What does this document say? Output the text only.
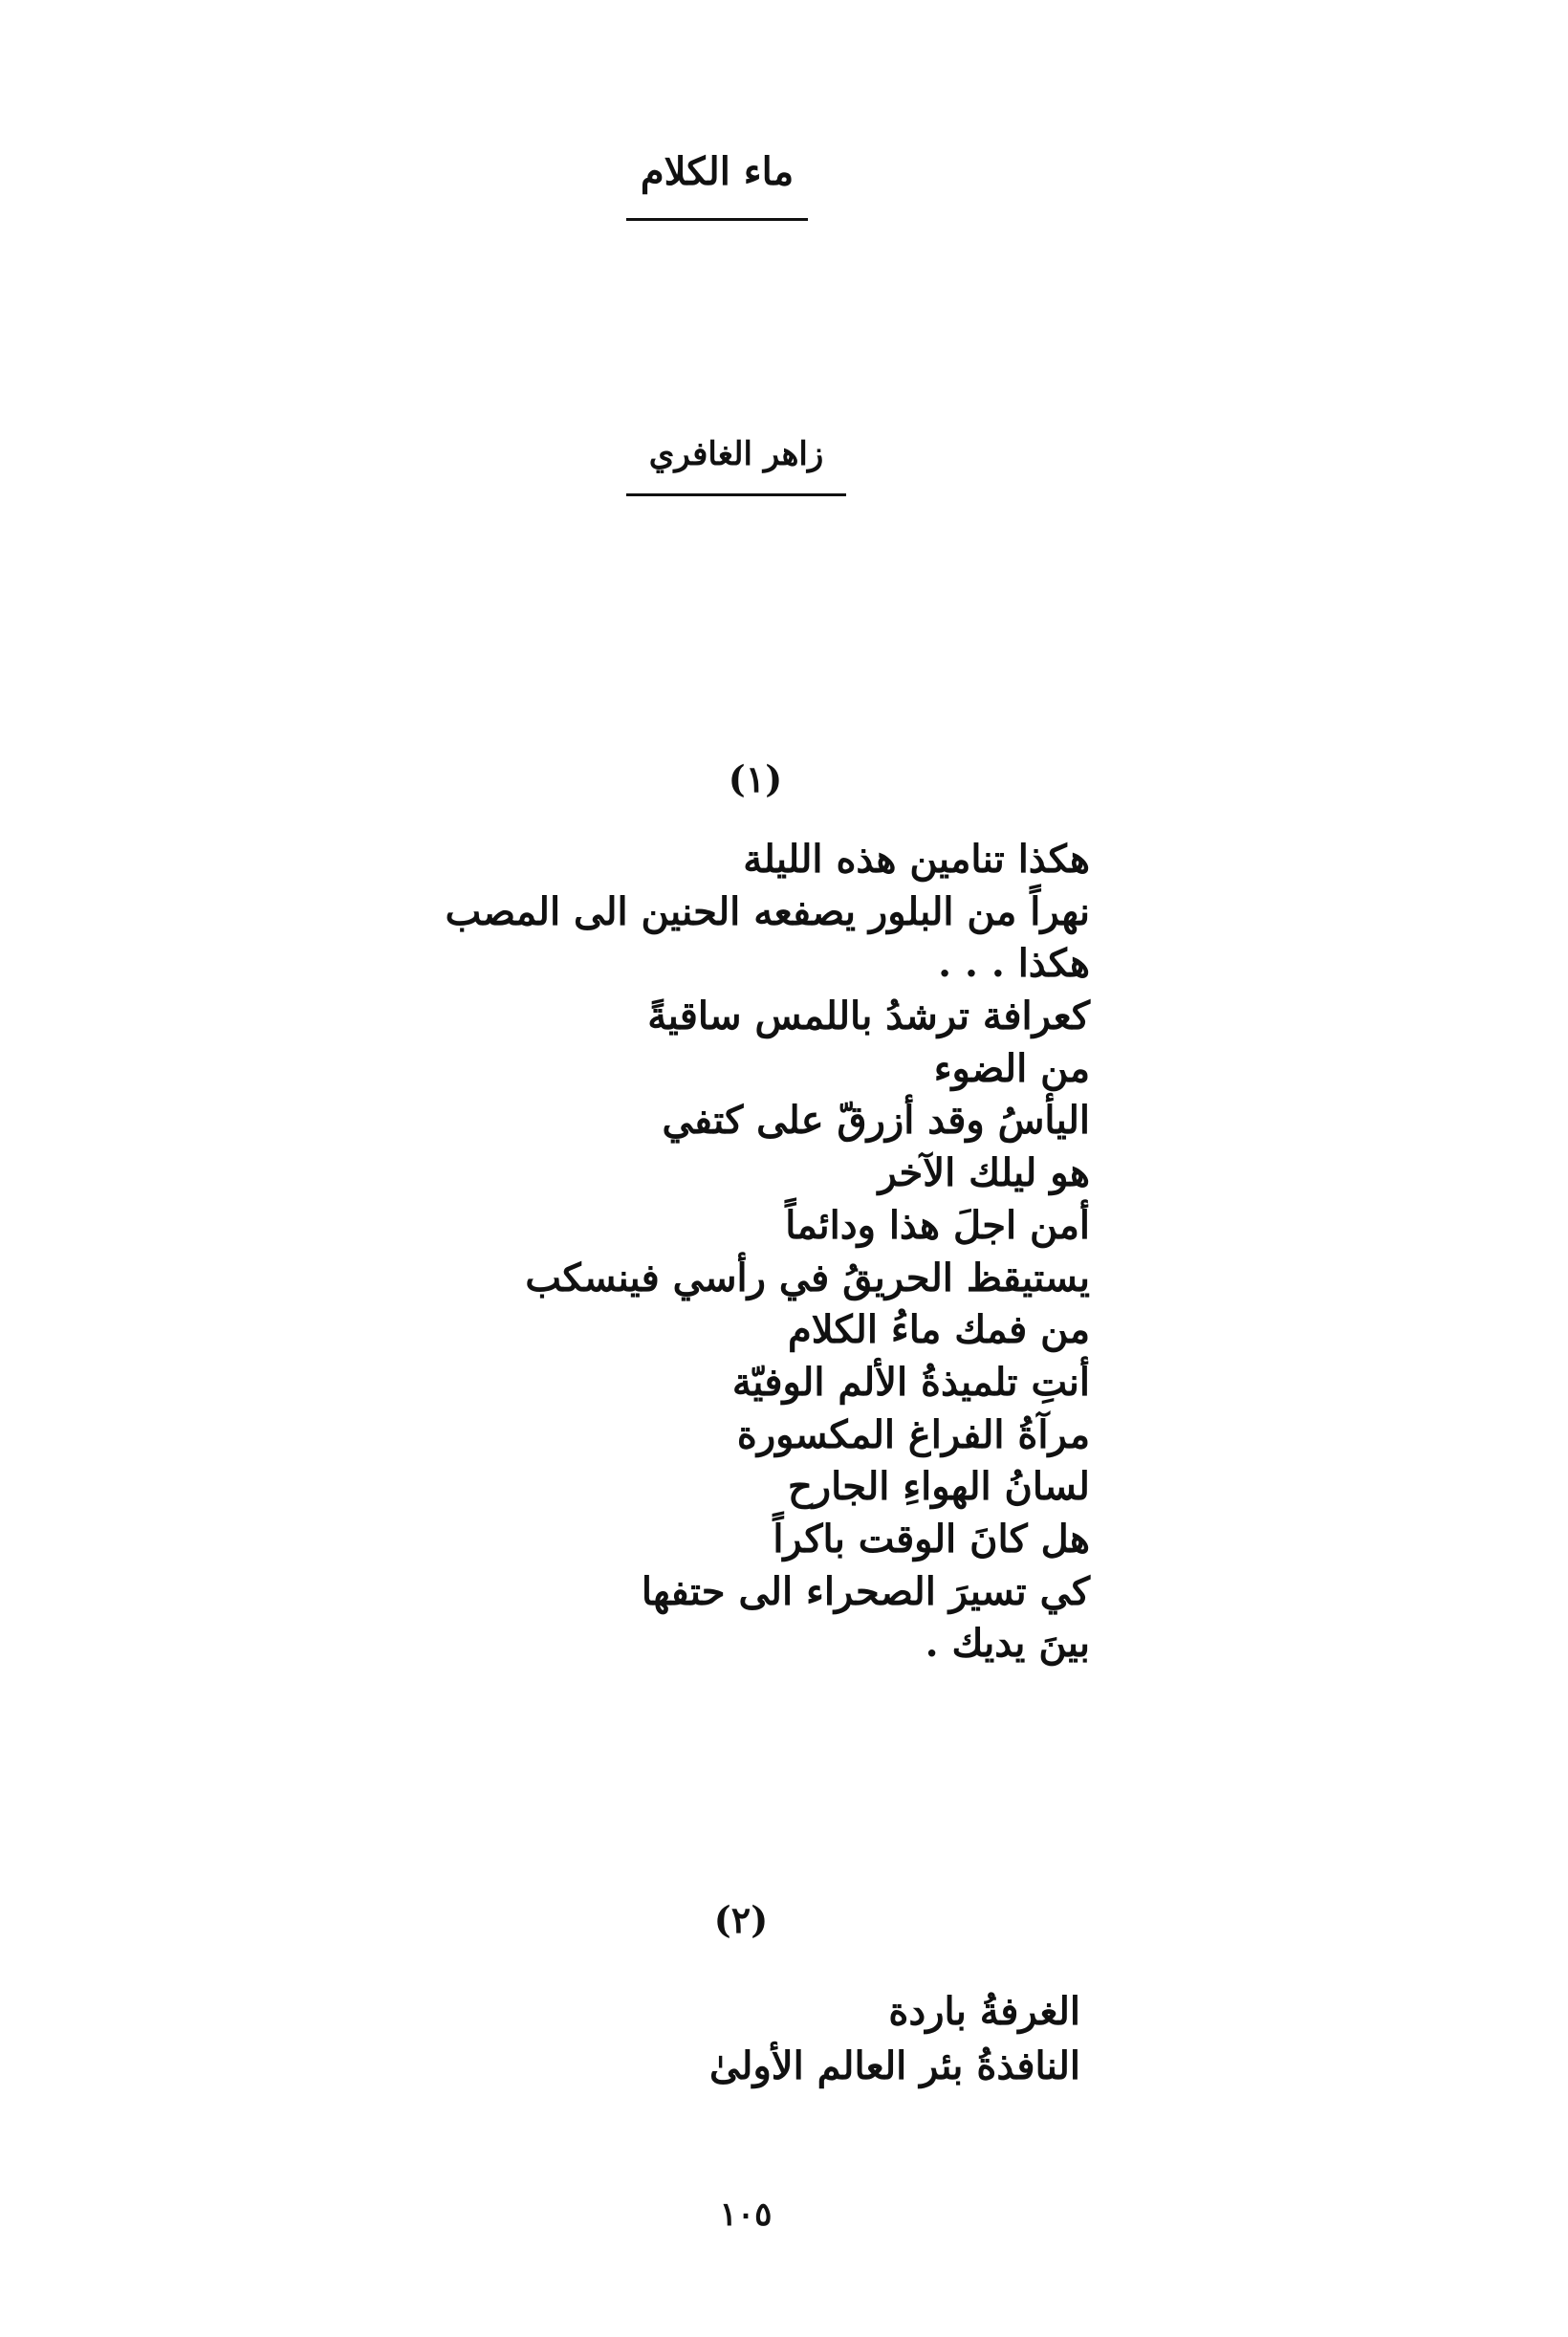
ماء الكلام
زاهر الغافري
(١)
هكذا تنامين هذه الليلة
نهراً من البلور يصفعه الحنين الى المصب
هكذا . . .
كعرافة ترشدُ باللمس ساقيةً
من الضوء
اليأسُ وقد أزرقّ على كتفي
هو ليلك الآخر
أمن اجلَ هذا ودائماً
يستيقظ الحريقُ في رأسي فينسكب
من فمك ماءُ الكلام
أنتِ تلميذةُ الألم الوفيّة
مرآةُ الفراغ المكسورة
لسانُ الهواءِ الجارح
هل كانَ الوقت باكراً
كي تسيرَ الصحراء الى حتفها
بينَ يديك .
(٢)
الغرفةُ باردة
النافذةُ بئر العالم الأولىٰ
١٠٥
